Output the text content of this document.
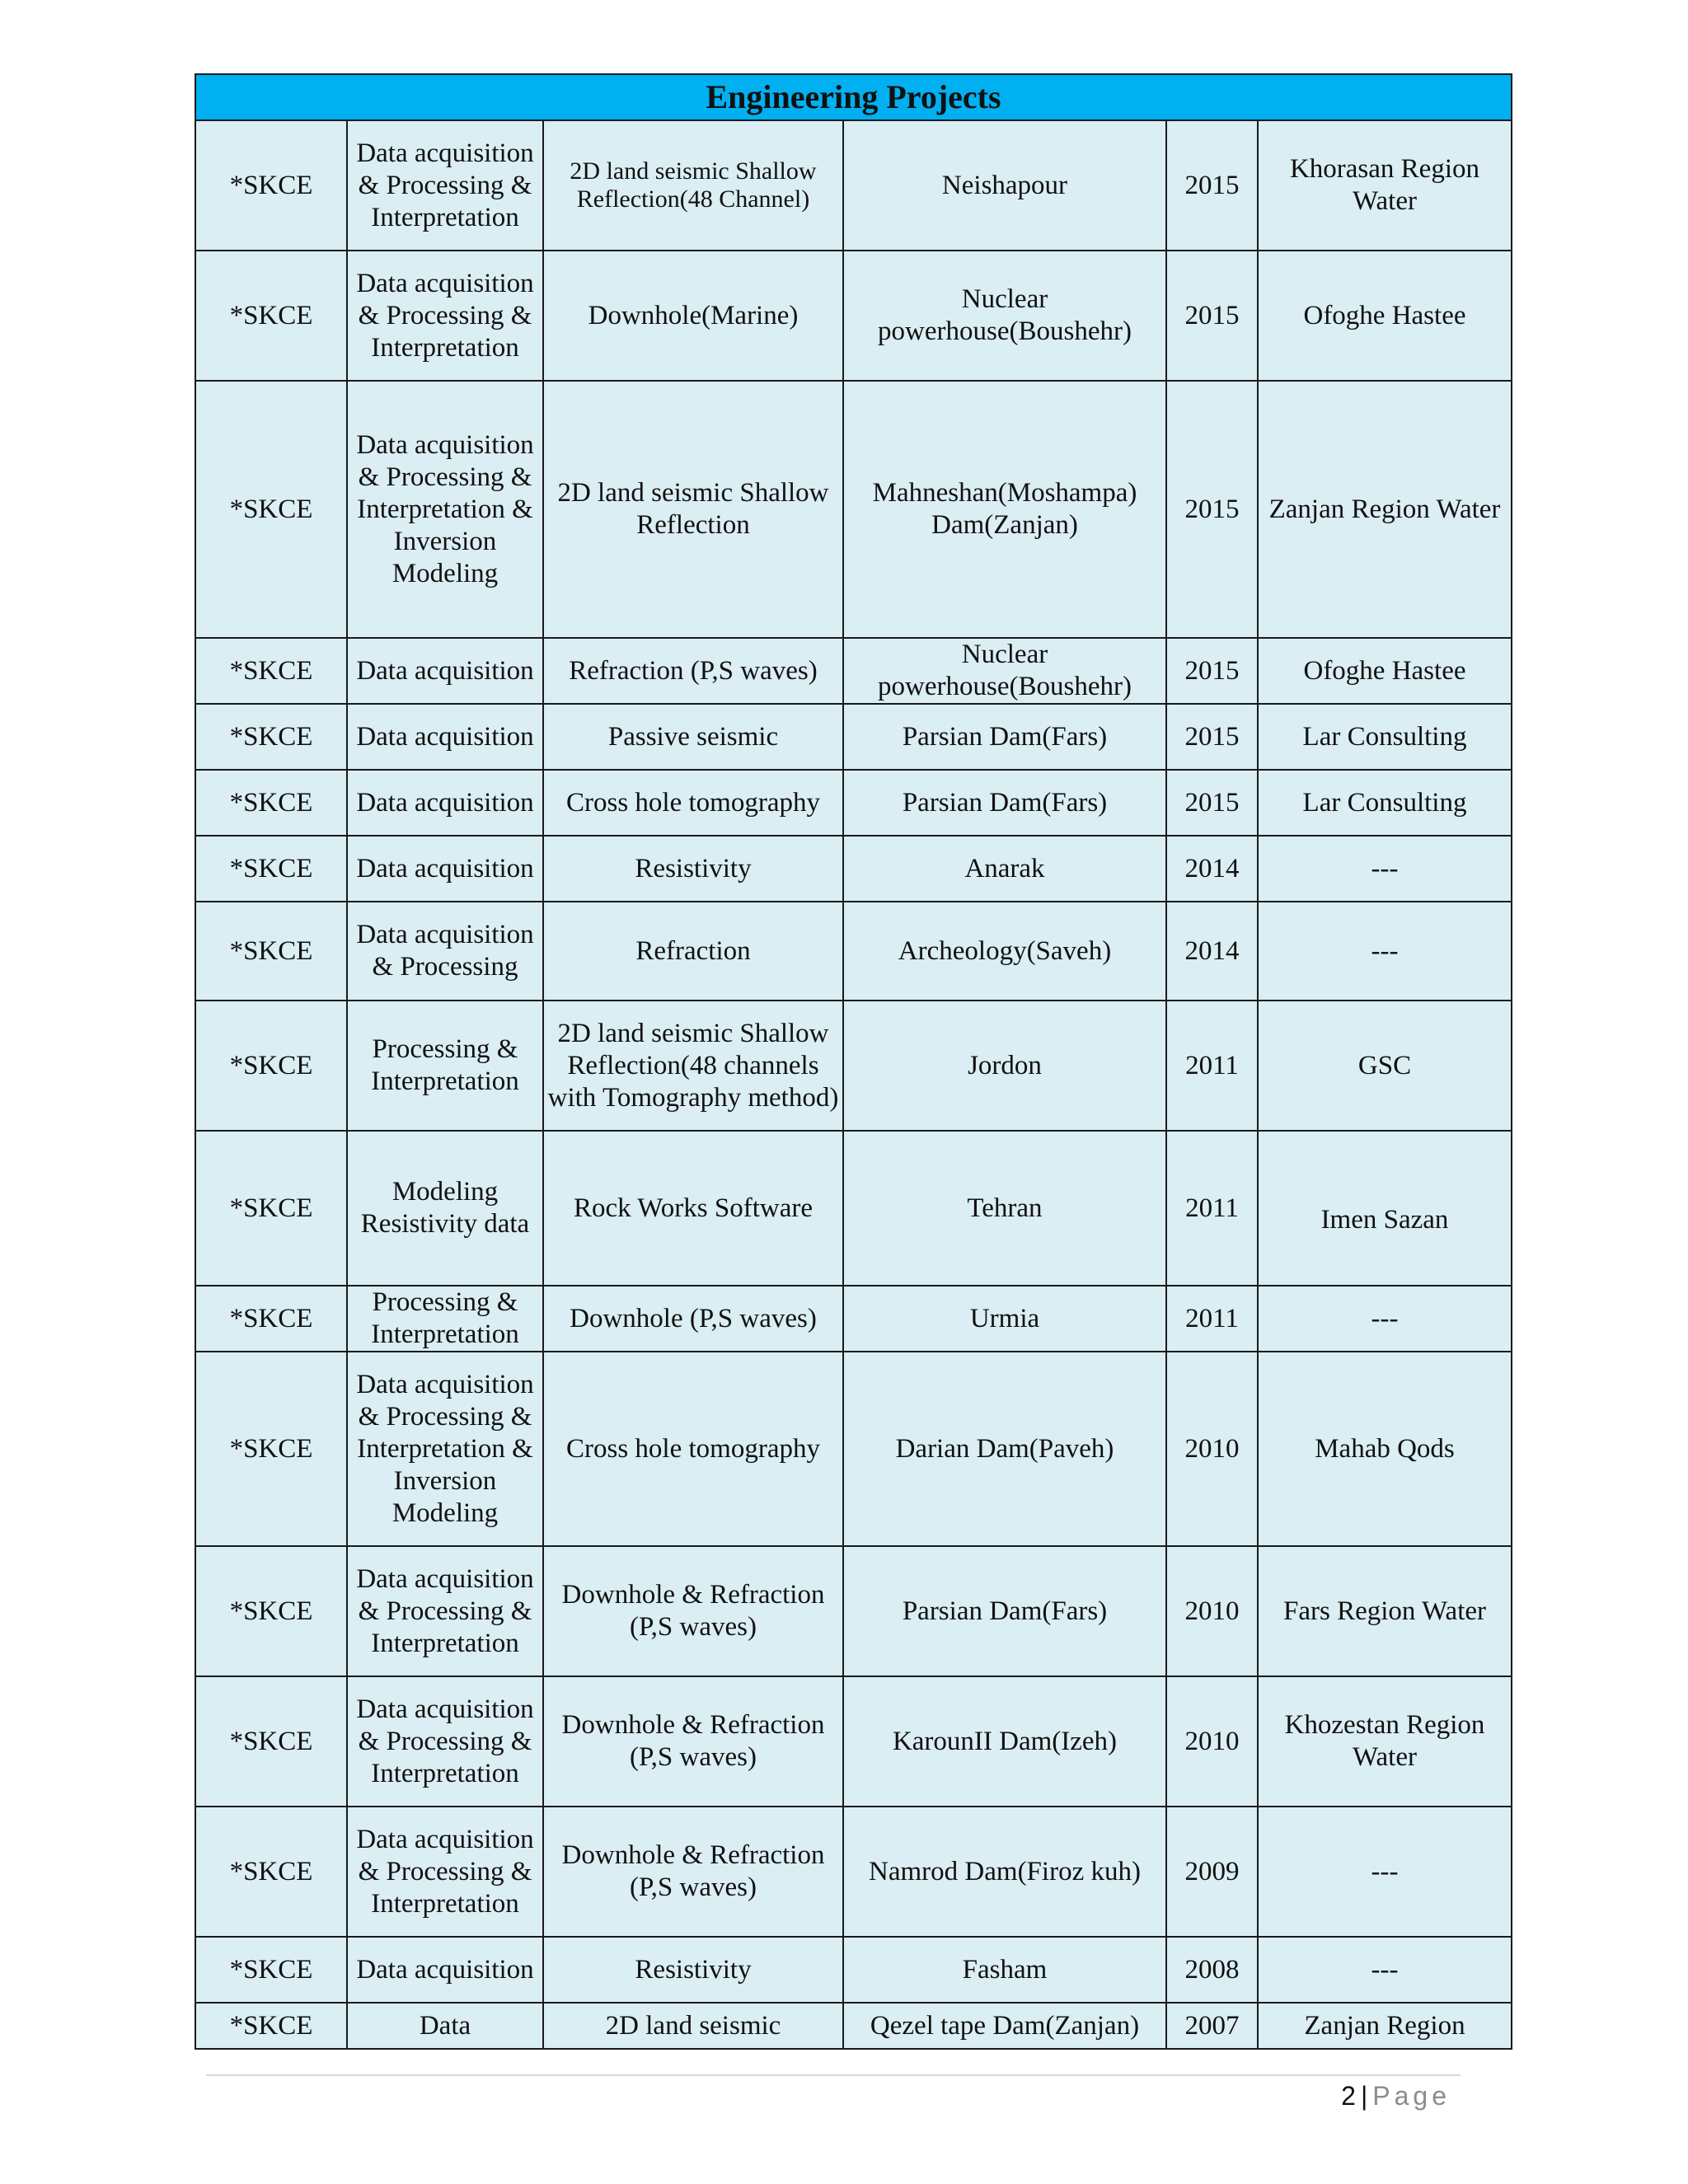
Engineering Projects					
*SKCE	Data acquisition & Processing & Interpretation	2D land seismic Shallow Reflection(48 Channel)	Neishapour	2015	Khorasan Region Water
*SKCE	Data acquisition & Processing & Interpretation	Downhole(Marine)	Nuclear powerhouse(Boushehr)	2015	Ofoghe Hastee
*SKCE	Data acquisition & Processing & Interpretation & Inversion Modeling	2D land seismic Shallow Reflection	Mahneshan(Moshampa) Dam(Zanjan)	2015	Zanjan Region Water
*SKCE	Data acquisition	Refraction (P,S waves)	Nuclear powerhouse(Boushehr)	2015	Ofoghe Hastee
*SKCE	Data acquisition	Passive seismic	Parsian Dam(Fars)	2015	Lar Consulting
*SKCE	Data acquisition	Cross hole tomography	Parsian Dam(Fars)	2015	Lar Consulting
*SKCE	Data acquisition	Resistivity	Anarak	2014	---
*SKCE	Data acquisition & Processing	Refraction	Archeology(Saveh)	2014	---
*SKCE	Processing & Interpretation	2D land seismic Shallow Reflection(48 channels with Tomography method)	Jordon	2011	GSC
*SKCE	Modeling Resistivity data	Rock Works Software	Tehran	2011	Imen Sazan
*SKCE	Processing & Interpretation	Downhole (P,S waves)	Urmia	2011	---
*SKCE	Data acquisition & Processing & Interpretation & Inversion Modeling	Cross hole tomography	Darian Dam(Paveh)	2010	Mahab Qods
*SKCE	Data acquisition & Processing & Interpretation	Downhole & Refraction (P,S waves)	Parsian Dam(Fars)	2010	Fars Region Water
*SKCE	Data acquisition & Processing & Interpretation	Downhole & Refraction (P,S waves)	KarounII Dam(Izeh)	2010	Khozestan Region Water
*SKCE	Data acquisition & Processing & Interpretation	Downhole & Refraction (P,S waves)	Namrod Dam(Firoz kuh)	2009	---
*SKCE	Data acquisition	Resistivity	Fasham	2008	---
*SKCE	Data	2D land seismic	Qezel tape Dam(Zanjan)	2007	Zanjan Region
2 | Page
